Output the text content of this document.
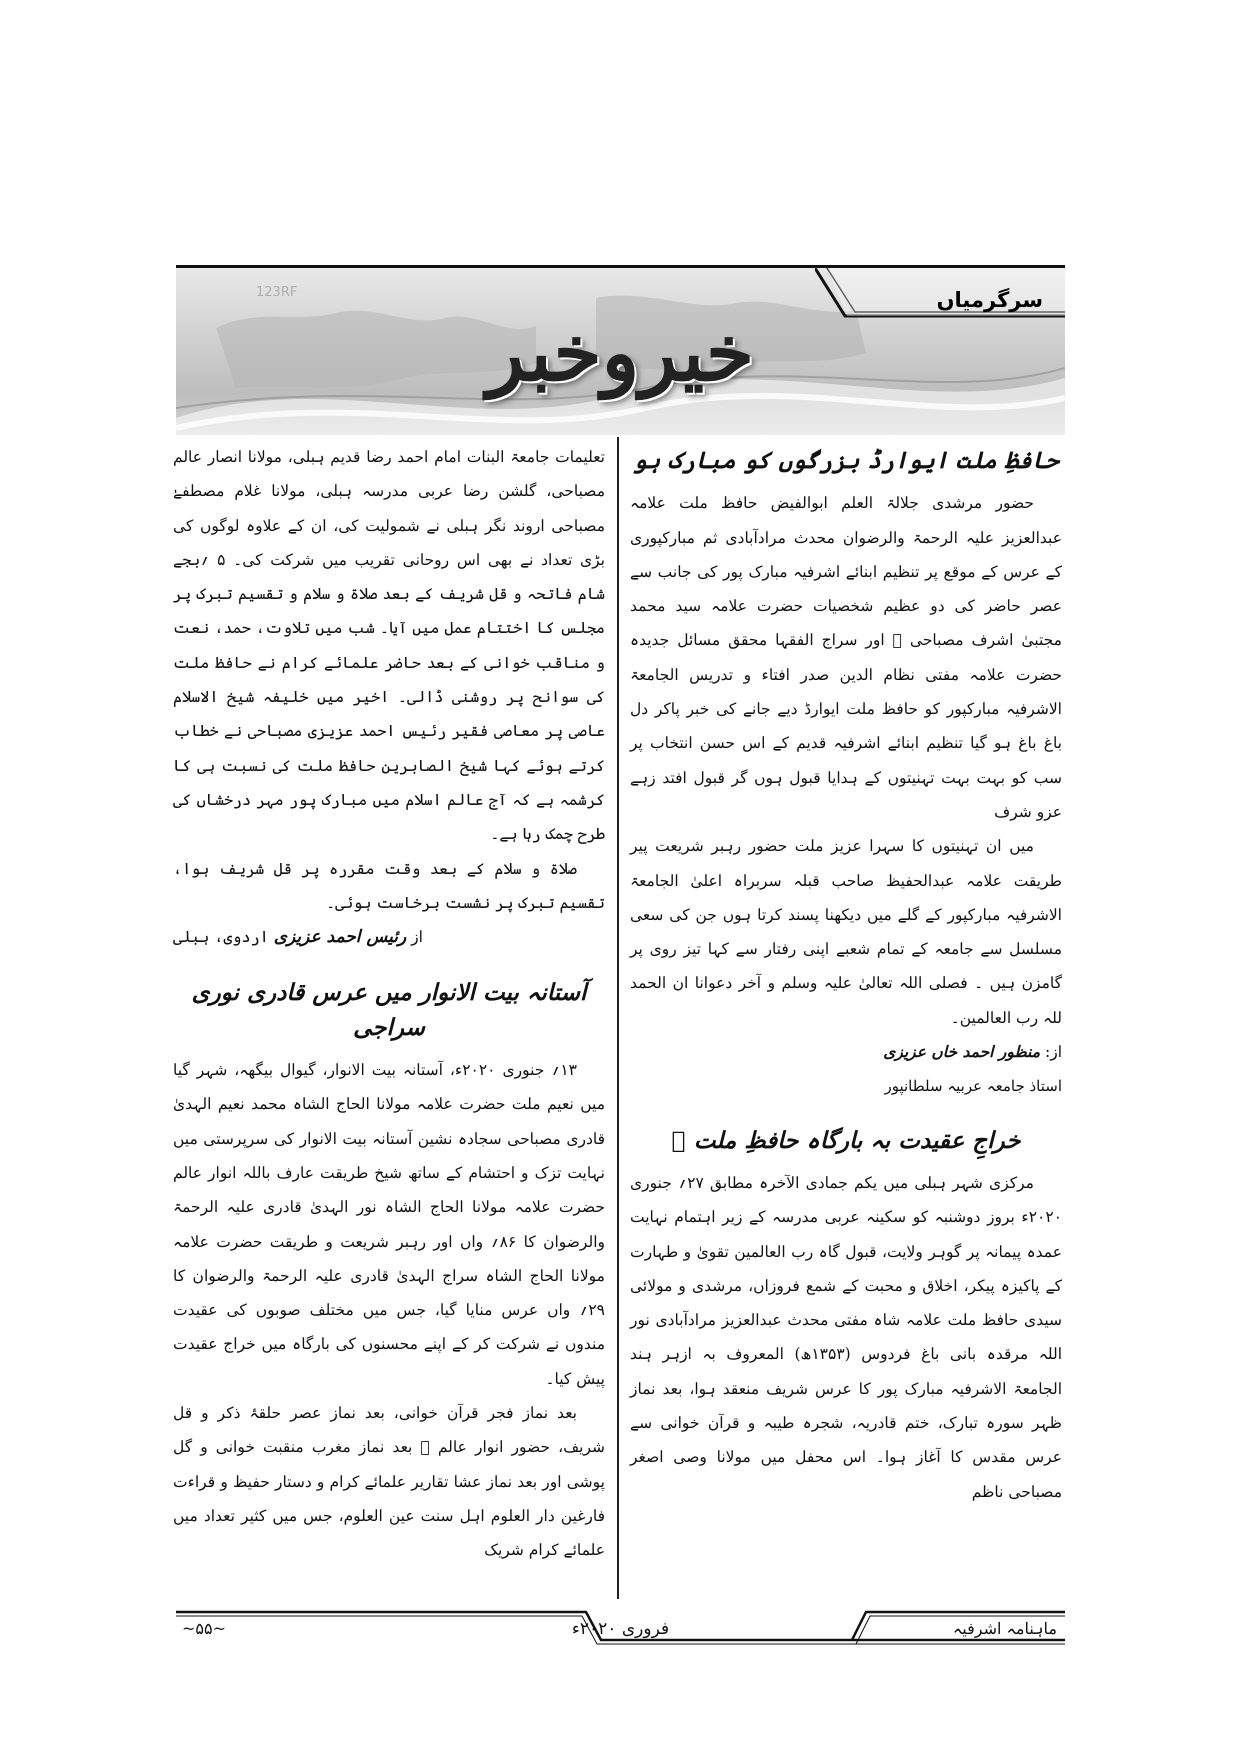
123RF	سرگرمیاں
خیروخبر
حافظِ ملت ایوارڈ بزرگوں کو مبارک ہو

حضور مرشدی جلالۃ العلم ابوالفیض حافظ ملت علامہ عبدالعزیز علیہ الرحمۃ والرضوان محدث مرادآبادی ثم مبارکپوری کے عرس کے موقع پر تنظیم ابنائے اشرفیہ مبارک پور کی جانب سے عصر حاضر کی دو عظیم شخصیات حضرت علامہ سید محمد مجتبیٰ اشرف مصباحی ﷬ اور سراج الفقہا محقق مسائل جدیدہ حضرت علامہ مفتی نظام الدین صدر افتاء و تدریس الجامعۃ الاشرفیہ مبارکپور کو حافظ ملت ایوارڈ دیے جانے کی خبر پاکر دل باغ باغ ہو گیا تنظیم ابنائے اشرفیہ قدیم کے اس حسن انتخاب پر سب کو بہت بہت تہنیتوں کے ہدایا قبول ہوں گر قبول افتد زہے عزو شرف

میں ان تہنیتوں کا سہرا عزیز ملت حضور رہبر شریعت پیر طریقت علامہ عبدالحفیظ صاحب قبلہ سربراہ اعلیٰ الجامعۃ الاشرفیہ مبارکپور کے گلے میں دیکھنا پسند کرتا ہوں جن کی سعی مسلسل سے جامعہ کے تمام شعبے اپنی رفتار سے کہا تیز روی پر گامزن ہیں ۔ فصلی اللہ تعالیٰ علیہ وسلم و آخر دعوانا ان الحمد للہ رب العالمین۔

از: منظور احمد خاں عزیزی

استاذ جامعہ عربیہ سلطانپور

خراجِ عقیدت بہ بارگاہ حافظِ ملت ﷬

مرکزی شہر ہبلی میں یکم جمادی الآخرہ مطابق ۲۷؍ جنوری ۲۰۲۰ء بروز دوشنبہ کو سکینہ عربی مدرسہ کے زیر اہتمام نہایت عمدہ پیمانہ پر گوہر ولایت، قبول گاہ رب العالمین تقویٰ و طہارت کے پاکیزہ پیکر، اخلاق و محبت کے شمع فروزاں، مرشدی و مولائی سیدی حافظ ملت علامہ شاہ مفتی محدث عبدالعزیز مرادآبادی نور اللہ مرقدہ بانی باغ فردوس (۱۳۵۳ھ) المعروف بہ ازہر ہند الجامعۃ الاشرفیہ مبارک پور کا عرس شریف منعقد ہوا، بعد نماز ظہر سورہ تبارک، ختم قادریہ، شجرہ طیبہ و قرآن خوانی سے عرس مقدس کا آغاز ہوا۔ اس محفل میں مولانا وصی اصغر مصباحی ناظم

تعلیمات جامعۃ البنات امام احمد رضا قدیم ہبلی، مولانا انصار عالم مصباحی، گلشن رضا عربی مدرسہ ہبلی، مولانا غلام مصطفےٰ مصباحی اروند نگر ہبلی نے شمولیت کی، ان کے علاوہ لوگوں کی بڑی تعداد نے بھی اس روحانی تقریب میں شرکت کی۔ ۵ ؍بجے شام فاتحہ و قل شریف کے بعد صلاۃ و سلام و تقسیم تبرک پر مجلس کا اختتام عمل میں آیا۔ شب میں تلاوت، حمد، نعت و مناقب خوانی کے بعد حاضر علمائے کرام نے حافظ ملت کی سوانح پر روشنی ڈالی۔ اخیر میں خلیفہ شیخ الاسلام عاصی پر معاصی فقیر رئیس احمد عزیزی مصباحی نے خطاب کرتے ہوئے کہا شیخ الصابرین حافظ ملت کی نسبت ہی کا کرشمہ ہے کہ آج عالم اسلام میں مبارک پور مہر درخشاں کی طرح چمک رہا ہے۔

صلاۃ و سلام کے بعد وقت مقررہ پر قل شریف ہوا، تقسیم تبرک پر نشست برخاست ہوئی۔

از رئیس احمد عزیزی اردوی، ہبلی
آستانہ بیت الانوار میں عرس قادری نوری سراجی

۱۳؍ جنوری ۲۰۲۰ء، آستانہ بیت الانوار، گیوال بیگھہ، شہر گیا میں نعیم ملت حضرت علامہ مولانا الحاج الشاہ محمد نعیم الہدیٰ قادری مصباحی سجادہ نشین آستانہ بیت الانوار کی سرپرستی میں نہایت تزک و احتشام کے ساتھ شیخ طریقت عارف باللہ انوار عالم حضرت علامہ مولانا الحاج الشاہ نور الہدیٰ قادری علیہ الرحمۃ والرضوان کا ۸۶؍ واں اور رہبر شریعت و طریقت حضرت علامہ مولانا الحاج الشاہ سراج الہدیٰ قادری علیہ الرحمۃ والرضوان کا ۲۹؍ واں عرس منایا گیا، جس میں مختلف صوبوں کی عقیدت مندوں نے شرکت کر کے اپنے محسنوں کی بارگاہ میں خراج عقیدت پیش کیا۔

بعد نماز فجر قرآن خوانی، بعد نماز عصر حلقۂ ذکر و قل شریف، حضور انوار عالم ﷬ بعد نماز مغرب منقبت خوانی و گل پوشی اور بعد نماز عشا تقاریر علمائے کرام و دستار حفیظ و قراءت فارغین دار العلوم اہل سنت عین العلوم، جس میں کثیر تعداد میں علمائے کرام شریک

ماہنامہ اشرفیہ
فروری ۲۰۲۰ء
~۵۵~
